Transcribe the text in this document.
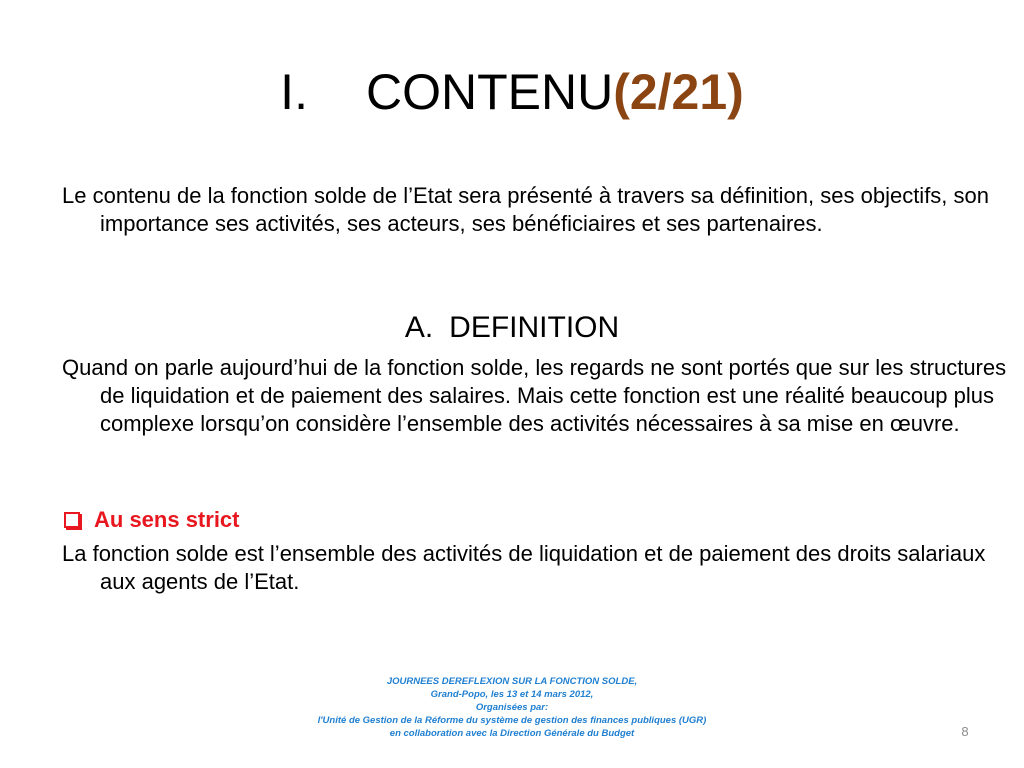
I. CONTENU(2/21)
Le contenu de la fonction solde de l’Etat sera présenté à travers sa définition, ses objectifs, son importance ses activités, ses acteurs, ses bénéficiaires et ses partenaires.
A. DEFINITION
Quand on parle aujourd’hui de la fonction solde, les regards ne sont portés que sur les structures de liquidation et de paiement des salaires. Mais cette fonction est une réalité beaucoup plus complexe lorsqu’on considère l’ensemble des activités nécessaires à sa mise en œuvre.
Au sens strict
La fonction solde est l’ensemble des activités de liquidation et de paiement des droits salariaux aux agents de l’Etat.
JOURNEES DEREFLEXION SUR LA FONCTION SOLDE,
Grand-Popo, les 13 et 14 mars 2012,
Organisées par:
l'Unité de Gestion de la Réforme du système de gestion des finances publiques (UGR)
en collaboration avec la Direction Générale du Budget	8
